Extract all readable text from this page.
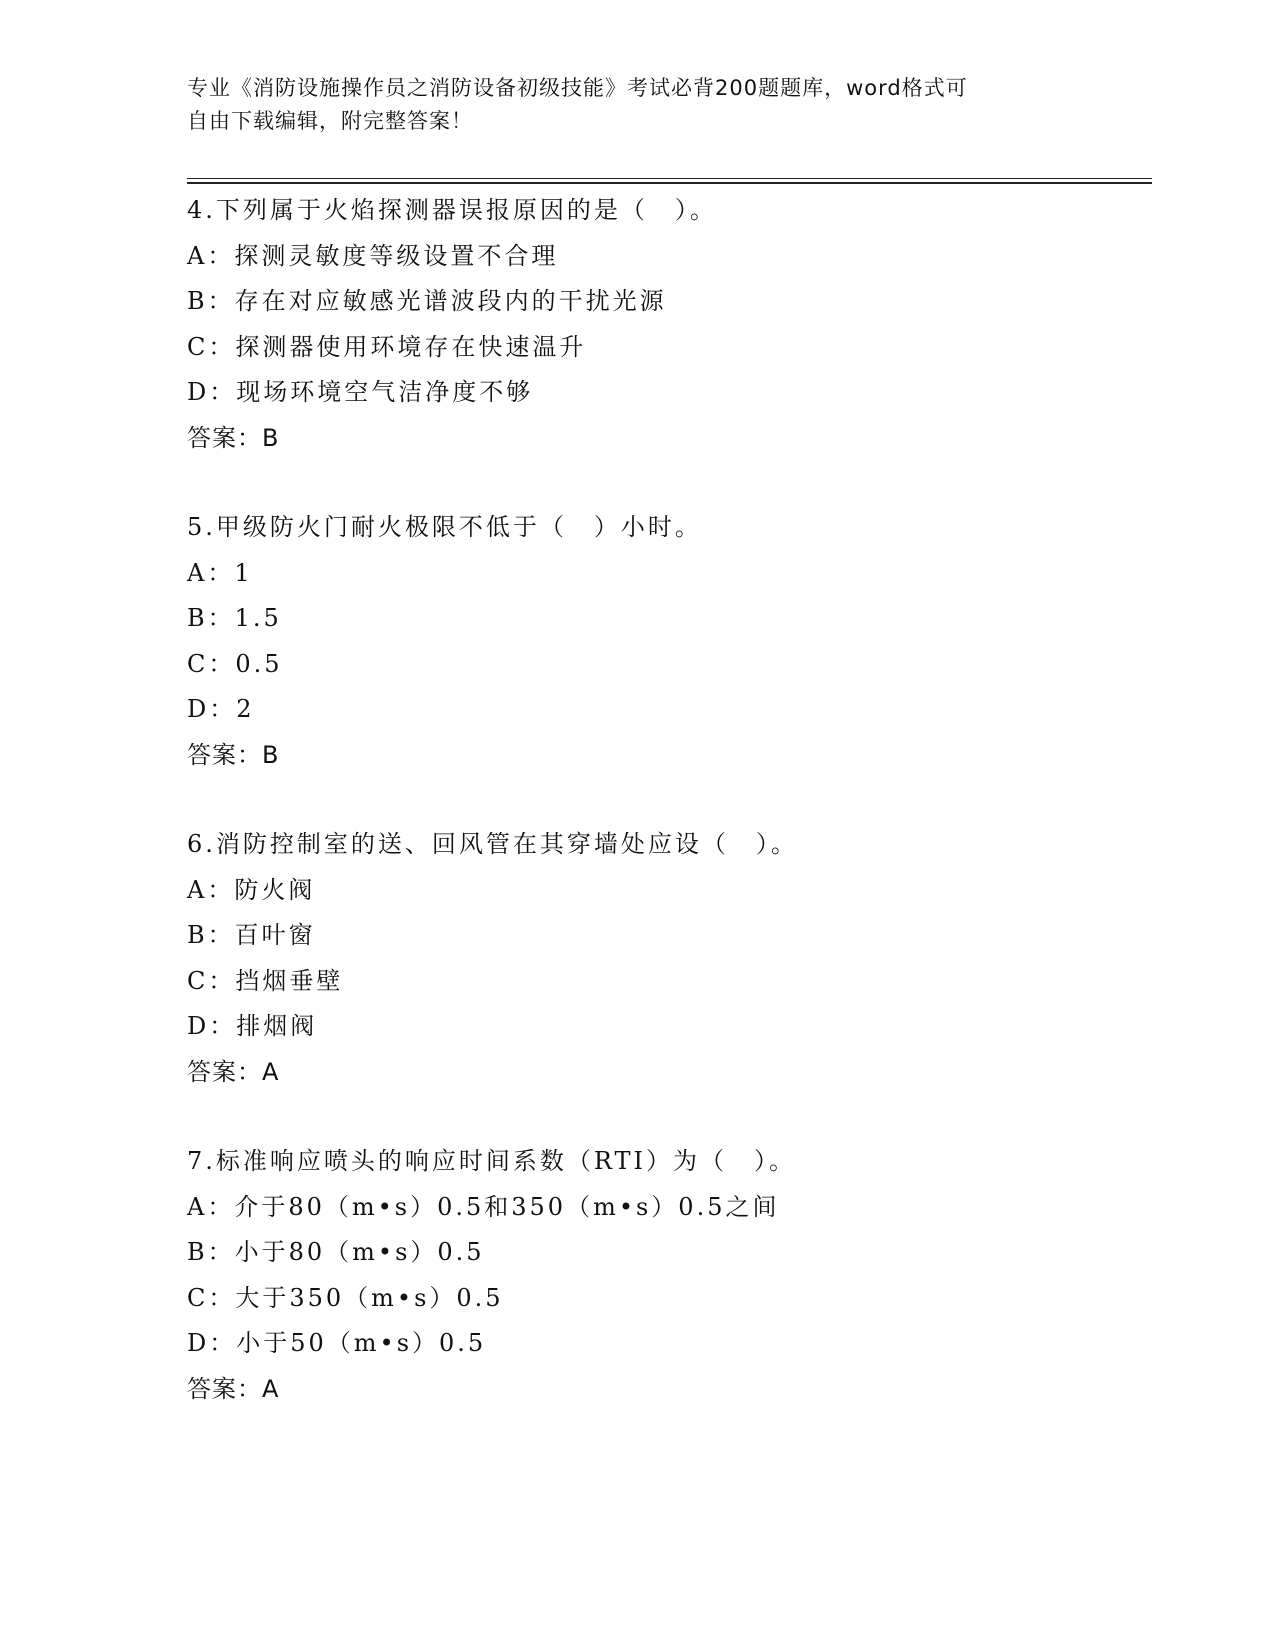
专业《消防设施操作员之消防设备初级技能》考试必背200题题库，word格式可
自由下载编辑，附完整答案！
4.下列属于火焰探测器误报原因的是（　）。
A：探测灵敏度等级设置不合理
B：存在对应敏感光谱波段内的干扰光源
C：探测器使用环境存在快速温升
D：现场环境空气洁净度不够
答案：B
5.甲级防火门耐火极限不低于（　）小时。
A：1
B：1.5
C：0.5
D：2
答案：B
6.消防控制室的送、回风管在其穿墙处应设（　）。
A：防火阀
B：百叶窗
C：挡烟垂壁
D：排烟阀
答案：A
7.标准响应喷头的响应时间系数（RTI）为（　）。
A：介于80（m•s）0.5和350（m•s）0.5之间
B：小于80（m•s）0.5
C：大于350（m•s）0.5
D：小于50（m•s）0.5
答案：A
